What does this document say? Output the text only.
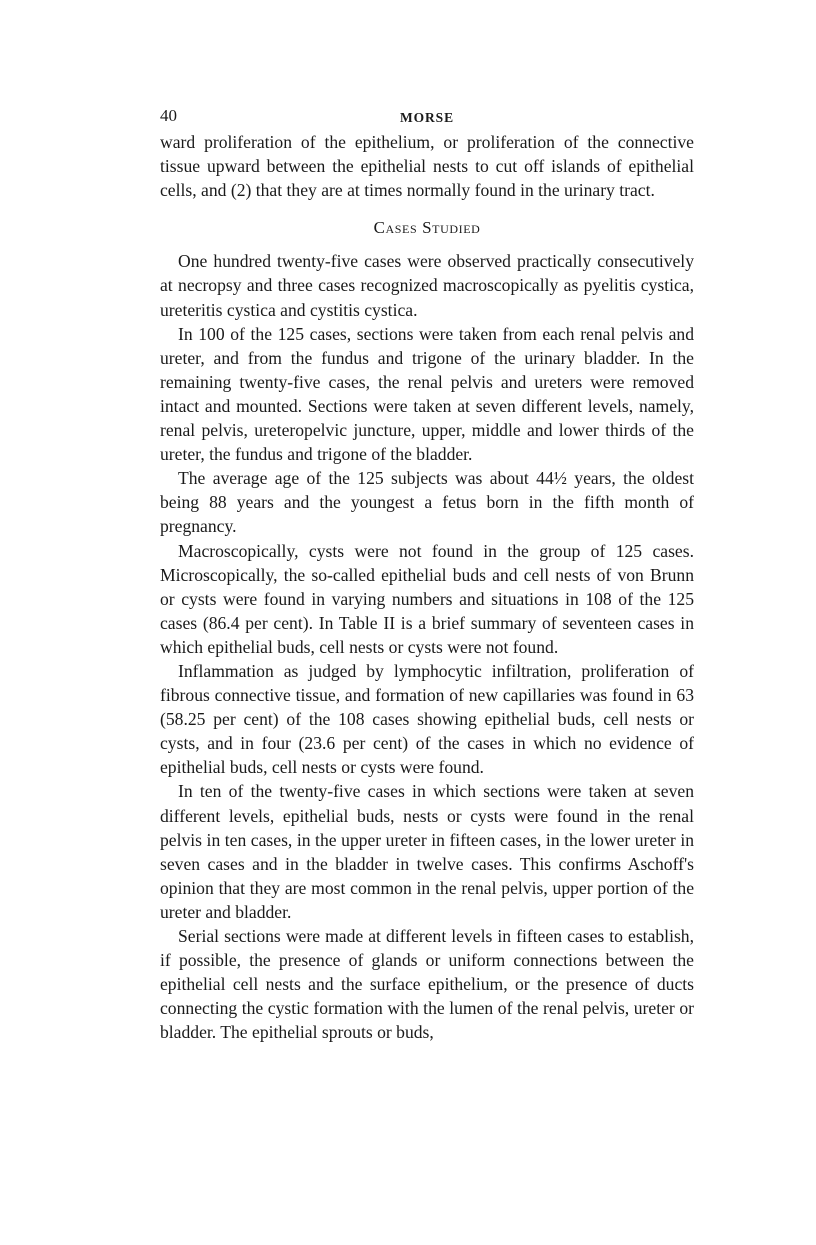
40	MORSE

ward proliferation of the epithelium, or proliferation of the connective tissue upward between the epithelial nests to cut off islands of epithelial cells, and (2) that they are at times normally found in the urinary tract.

Cases Studied

One hundred twenty-five cases were observed practically consecutively at necropsy and three cases recognized macroscopically as pyelitis cystica, ureteritis cystica and cystitis cystica.

In 100 of the 125 cases, sections were taken from each renal pelvis and ureter, and from the fundus and trigone of the urinary bladder. In the remaining twenty-five cases, the renal pelvis and ureters were removed intact and mounted. Sections were taken at seven different levels, namely, renal pelvis, ureteropelvic juncture, upper, middle and lower thirds of the ureter, the fundus and trigone of the bladder.

The average age of the 125 subjects was about 44½ years, the oldest being 88 years and the youngest a fetus born in the fifth month of pregnancy.

Macroscopically, cysts were not found in the group of 125 cases. Microscopically, the so-called epithelial buds and cell nests of von Brunn or cysts were found in varying numbers and situations in 108 of the 125 cases (86.4 per cent). In Table II is a brief summary of seventeen cases in which epithelial buds, cell nests or cysts were not found.

Inflammation as judged by lymphocytic infiltration, proliferation of fibrous connective tissue, and formation of new capillaries was found in 63 (58.25 per cent) of the 108 cases showing epithelial buds, cell nests or cysts, and in four (23.6 per cent) of the cases in which no evidence of epithelial buds, cell nests or cysts were found.

In ten of the twenty-five cases in which sections were taken at seven different levels, epithelial buds, nests or cysts were found in the renal pelvis in ten cases, in the upper ureter in fifteen cases, in the lower ureter in seven cases and in the bladder in twelve cases. This confirms Aschoff's opinion that they are most common in the renal pelvis, upper portion of the ureter and bladder.

Serial sections were made at different levels in fifteen cases to establish, if possible, the presence of glands or uniform connections between the epithelial cell nests and the surface epithelium, or the presence of ducts connecting the cystic formation with the lumen of the renal pelvis, ureter or bladder. The epithelial sprouts or buds,
